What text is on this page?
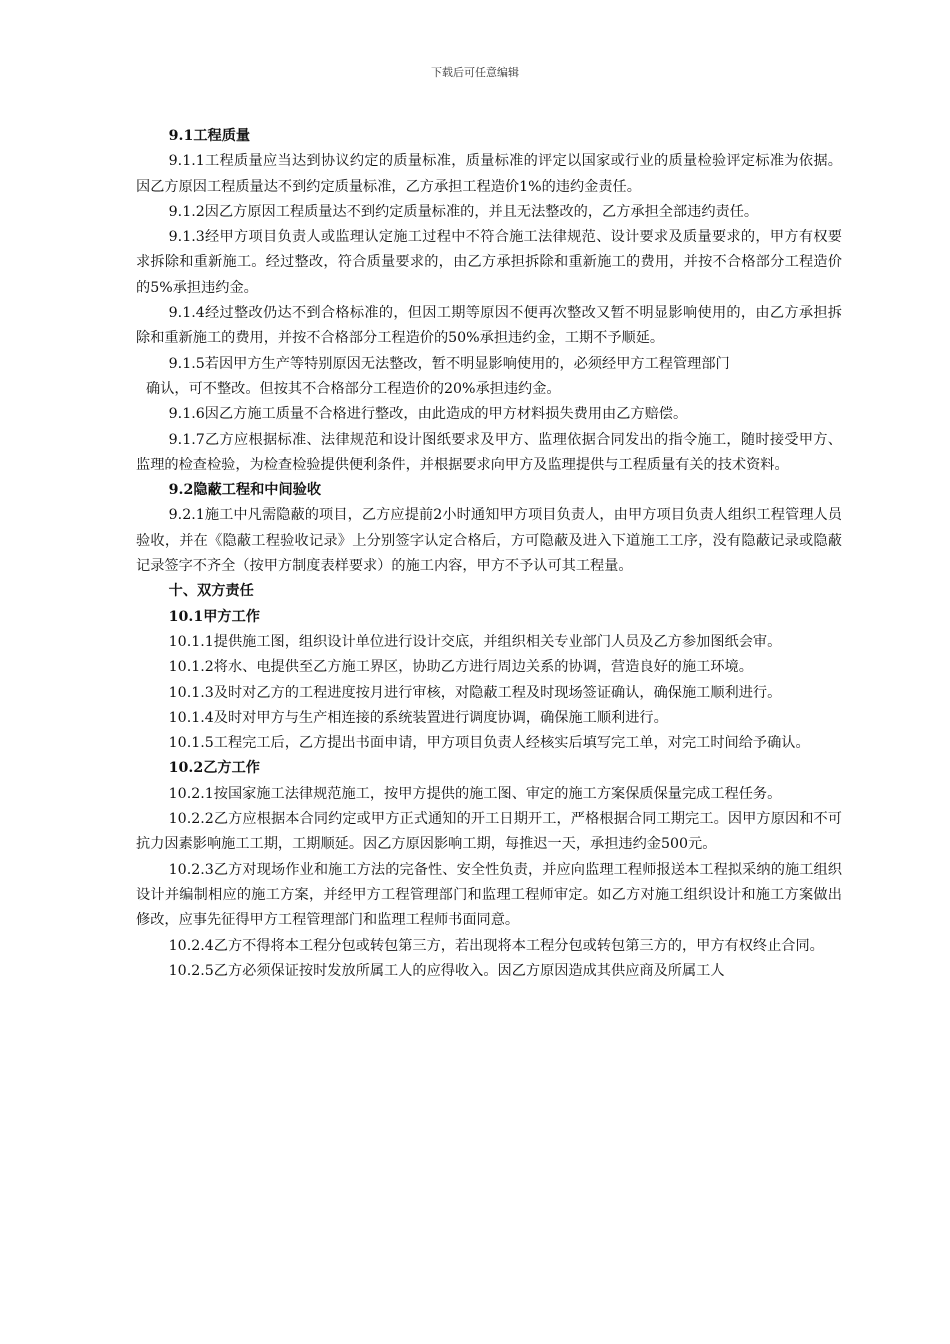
下载后可任意编辑
9.1工程质量

9.1.1工程质量应当达到协议约定的质量标准，质量标准的评定以国家或行业的质量检验评定标准为依据。因乙方原因工程质量达不到约定质量标准，乙方承担工程造价1%的违约金责任。

9.1.2因乙方原因工程质量达不到约定质量标准的，并且无法整改的，乙方承担全部违约责任。

9.1.3经甲方项目负责人或监理认定施工过程中不符合施工法律规范、设计要求及质量要求的，甲方有权要求拆除和重新施工。经过整改，符合质量要求的，由乙方承担拆除和重新施工的费用，并按不合格部分工程造价的5%承担违约金。

9.1.4经过整改仍达不到合格标准的，但因工期等原因不便再次整改又暂不明显影响使用的，由乙方承担拆除和重新施工的费用，并按不合格部分工程造价的50%承担违约金，工期不予顺延。

9.1.5若因甲方生产等特别原因无法整改，暂不明显影响使用的，必须经甲方工程管理部门
确认，可不整改。但按其不合格部分工程造价的20%承担违约金。

9.1.6因乙方施工质量不合格进行整改，由此造成的甲方材料损失费用由乙方赔偿。

9.1.7乙方应根据标准、法律规范和设计图纸要求及甲方、监理依据合同发出的指令施工，随时接受甲方、监理的检查检验，为检查检验提供便利条件，并根据要求向甲方及监理提供与工程质量有关的技术资料。

9.2隐蔽工程和中间验收

9.2.1施工中凡需隐蔽的项目，乙方应提前2小时通知甲方项目负责人，由甲方项目负责人组织工程管理人员验收，并在《隐蔽工程验收记录》上分别签字认定合格后，方可隐蔽及进入下道施工工序，没有隐蔽记录或隐蔽记录签字不齐全（按甲方制度表样要求）的施工内容，甲方不予认可其工程量。

十、双方责任
10.1甲方工作

10.1.1提供施工图，组织设计单位进行设计交底，并组织相关专业部门人员及乙方参加图纸会审。

10.1.2将水、电提供至乙方施工界区，协助乙方进行周边关系的协调，营造良好的施工环境。

10.1.3及时对乙方的工程进度按月进行审核，对隐蔽工程及时现场签证确认，确保施工顺利进行。

10.1.4及时对甲方与生产相连接的系统装置进行调度协调，确保施工顺利进行。

10.1.5工程完工后，乙方提出书面申请，甲方项目负责人经核实后填写完工单，对完工时间给予确认。

10.2乙方工作

10.2.1按国家施工法律规范施工，按甲方提供的施工图、审定的施工方案保质保量完成工程任务。

10.2.2乙方应根据本合同约定或甲方正式通知的开工日期开工，严格根据合同工期完工。因甲方原因和不可抗力因素影响施工工期，工期顺延。因乙方原因影响工期，每推迟一天，承担违约金500元。

10.2.3乙方对现场作业和施工方法的完备性、安全性负责，并应向监理工程师报送本工程拟采纳的施工组织设计并编制相应的施工方案，并经甲方工程管理部门和监理工程师审定。如乙方对施工组织设计和施工方案做出修改，应事先征得甲方工程管理部门和监理工程师书面同意。

10.2.4乙方不得将本工程分包或转包第三方，若出现将本工程分包或转包第三方的，甲方有权终止合同。

10.2.5乙方必须保证按时发放所属工人的应得收入。因乙方原因造成其供应商及所属工人
